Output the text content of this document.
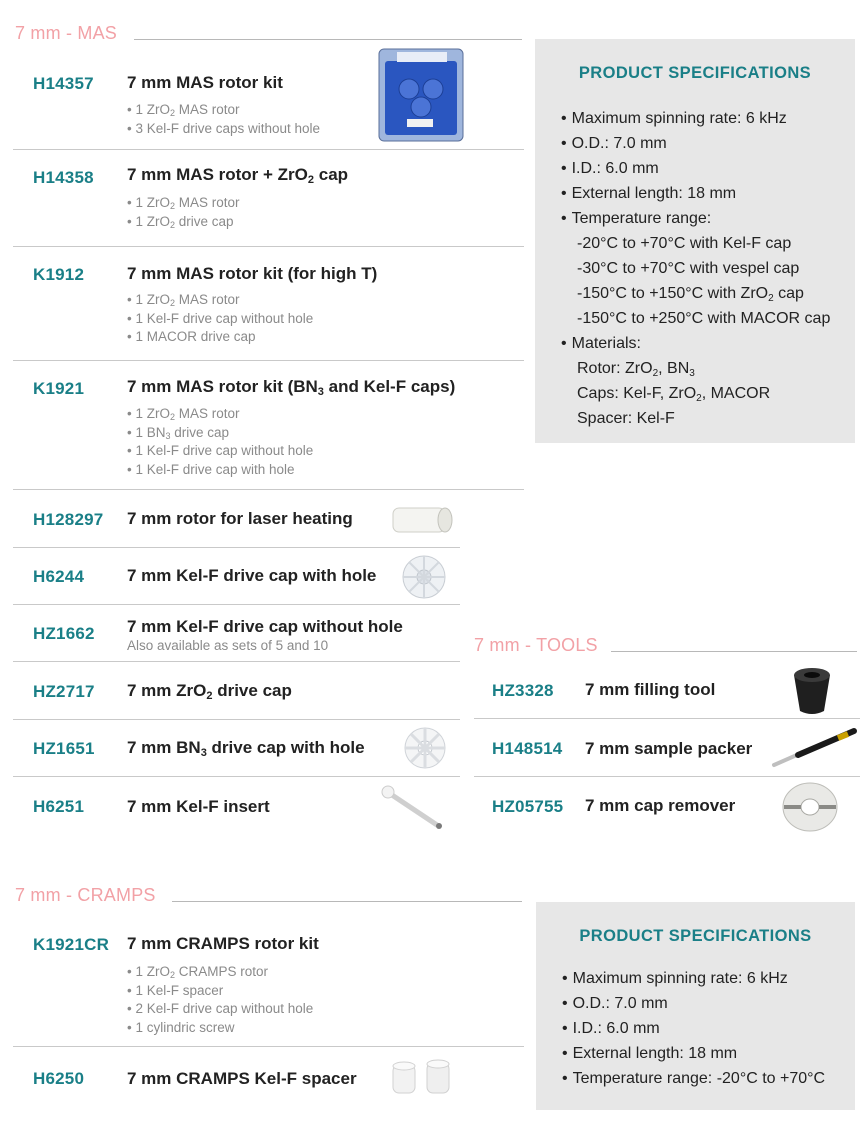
7 mm - MAS
H14357 7 mm MAS rotor kit
• 1 ZrO$_2$ MAS rotor
• 3 Kel-F drive caps without hole
H14358 7 mm MAS rotor + ZrO$_2$ cap
• 1 ZrO$_2$ MAS rotor
• 1 ZrO$_2$ drive cap
K1912	7 mm MAS rotor kit (for high T)
• 1 ZrO$_2$ MAS rotor
• 1 Kel-F drive cap without hole
• 1 MACOR drive cap
K1921	7 mm MAS rotor kit ($BN_3$ and Kel-F caps)
• 1 ZrO$_2$ MAS rotor
• 1 $BN_3$ drive cap
• 1 Kel-F drive cap without hole
• 1 Kel-F drive cap with hole
H128297 7 mm rotor for laser heating
H6244	7 mm Kel-F drive cap with hole
HZ1662 7 mm Kel-F drive cap without hole
Also available as sets of 5 and 10
HZ2717 7 mm ZrO$_2$ drive cap
HZ1651 7 mm $BN_3$ drive cap with hole
H6251	7 mm Kel-F insert
7 mm - TOOLS
HZ3328 7 mm filling tool
H148514 7 mm sample packer
HZ05755 7 mm cap remover
PRODUCT SPECIFICATIONS
• Maximum spinning rate: 6 kHz
• O.D.: 7.0 mm
• I.D.: 6.0 mm
• External length: 18 mm
• Temperature range:
-20°C to +70°C with Kel-F cap
-30°C to +70°C with vespel cap
-150°C to +150°C with ZrO$_2$ cap
-150°C to +250°C with MACOR cap
• Materials:
Rotor: ZrO$_2$, $BN_3$
Caps: Kel-F, ZrO$_2$, MACOR
Spacer: Kel-F
7 mm - CRAMPS
K1921CR 7 mm CRAMPS rotor kit
• 1 ZrO$_2$ CRAMPS rotor
• 1 Kel-F spacer
• 2 Kel-F drive cap without hole
• 1 cylindric screw
H6250	7 mm CRAMPS Kel-F spacer
PRODUCT SPECIFICATIONS
• Maximum spinning rate: 6 kHz
• O.D.: 7.0 mm
• I.D.: 6.0 mm
• External length: 18 mm
• Temperature range: -20°C to +70°C
